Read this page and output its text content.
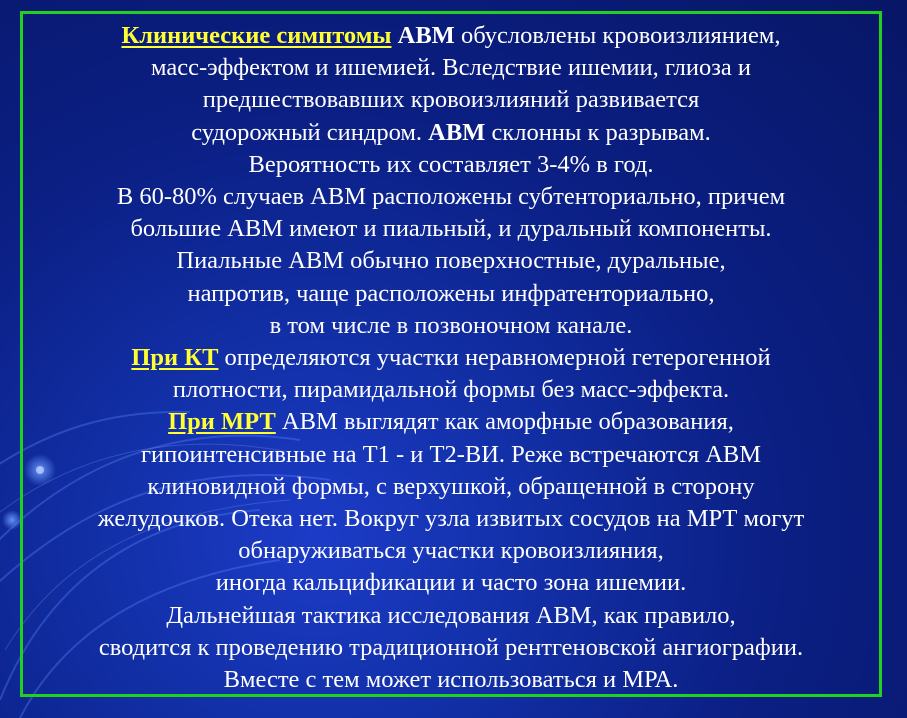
Клинические симптомы АВМ обусловлены кровоизлиянием,
масс-эффектом и ишемией. Вследствие ишемии, глиоза и
предшествовавших кровоизлияний развивается
судорожный синдром. АВМ склонны к разрывам.
Вероятность их составляет 3-4% в год.
В 60-80% случаев АВМ расположены субтенториально, причем
большие АВМ имеют и пиальный, и дуральный компоненты.
Пиальные АВМ обычно поверхностные, дуральные,
напротив, чаще расположены инфратенториально,
в том числе в позвоночном канале.
При КТ определяются участки неравномерной гетерогенной
плотности, пирамидальной формы без масс-эффекта.
При МРТ АВМ выглядят как аморфные образования,
гипоинтенсивные на Т1 - и Т2-ВИ. Реже встречаются АВМ
клиновидной формы, с верхушкой, обращенной в сторону
желудочков. Отека нет. Вокруг узла извитых сосудов на МРТ могут
обнаруживаться участки кровоизлияния,
иногда кальцификации и часто зона ишемии.
Дальнейшая тактика исследования АВМ, как правило,
сводится к проведению традиционной рентгеновской ангиографии.
Вместе с тем может использоваться и МРА.
